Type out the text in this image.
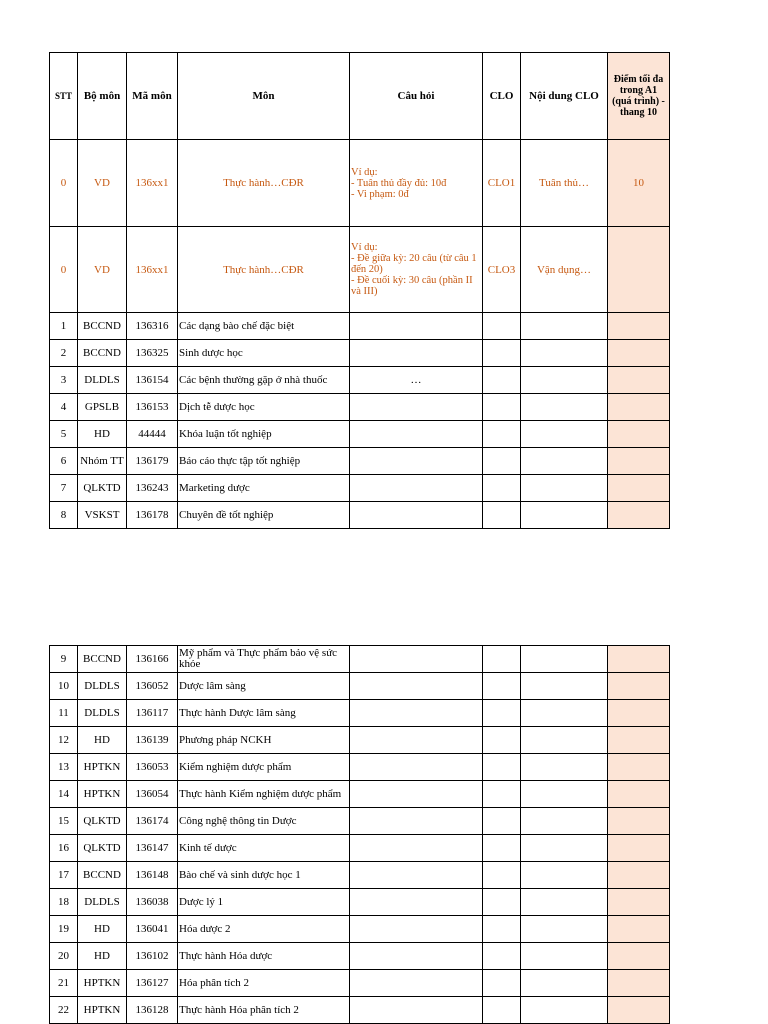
STT	Bộ môn	Mã môn	Môn	Câu hỏi	CLO	Nội dung CLO	Điểm tối đa trong A1 (quá trình) - thang 10
0	VD	136xx1	Thực hành…CĐR	Ví dụ:
- Tuân thủ đầy đủ: 10đ
- Vi phạm: 0đ	CLO1	Tuân thủ…	10
0	VD	136xx1	Thực hành…CĐR	Ví dụ:
- Đề giữa kỳ: 20 câu (từ câu 1 đến 20)
- Đề cuối kỳ: 30 câu (phần II và III)	CLO3	Vận dụng…	
1	BCCND	136316	Các dạng bào chế đặc biệt				
2	BCCND	136325	Sinh dược học				
3	DLDLS	136154	Các bệnh thường gặp ở nhà thuốc	…			
4	GPSLB	136153	Dịch tễ dược học				
5	HD	44444	Khóa luận tốt nghiệp				
6	Nhóm TT	136179	Báo cáo thực tập tốt nghiệp				
7	QLKTD	136243	Marketing dược				
8	VSKST	136178	Chuyên đề tốt nghiệp				
9	BCCND	136166	Mỹ phẩm và Thực phẩm bảo vệ sức khỏe				
10	DLDLS	136052	Dược lâm sàng				
11	DLDLS	136117	Thực hành Dược lâm sàng				
12	HD	136139	Phương pháp NCKH				
13	HPTKN	136053	Kiểm nghiệm dược phẩm				
14	HPTKN	136054	Thực hành Kiểm nghiệm dược phẩm				
15	QLKTD	136174	Công nghệ thông tin Dược				
16	QLKTD	136147	Kinh tế dược				
17	BCCND	136148	Bào chế và sinh dược học 1				
18	DLDLS	136038	Dược lý 1				
19	HD	136041	Hóa dược 2				
20	HD	136102	Thực hành Hóa dược				
21	HPTKN	136127	Hóa phân tích 2				
22	HPTKN	136128	Thực hành Hóa phân tích 2				
